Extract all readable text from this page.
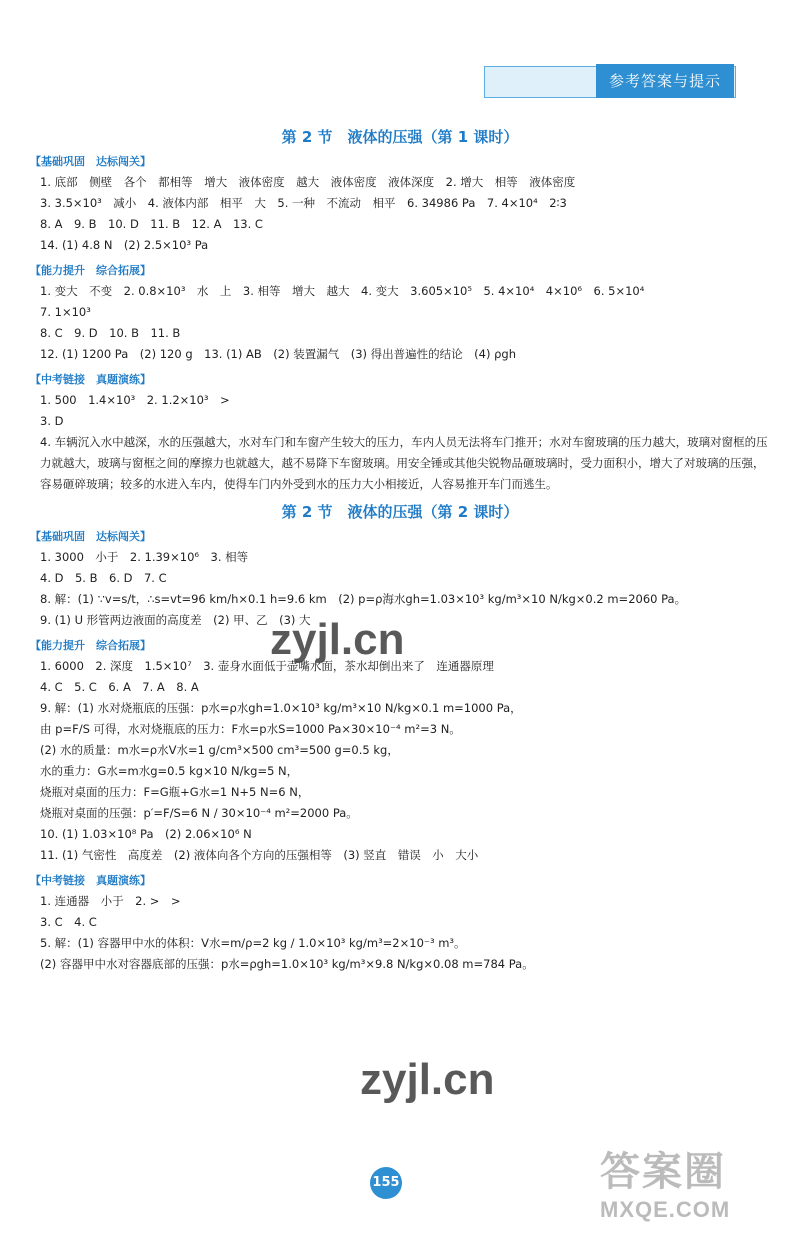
参考答案与提示
第 2 节　液体的压强（第 1 课时）
【基础巩固　达标闯关】
1. 底部　侧壁　各个　都相等　增大　液体密度　越大　液体密度　液体深度　2. 增大　相等　液体密度
3. 3.5×10³　减小　4. 液体内部　相平　大　5. 一种　不流动　相平　6. 34986 Pa　7. 4×10⁴　2∶3
8. A　9. B　10. D　11. B　12. A　13. C
14. (1) 4.8 N　(2) 2.5×10³ Pa
【能力提升　综合拓展】
1. 变大　不变　2. 0.8×10³　水　上　3. 相等　增大　越大　4. 变大　3.605×10⁵　5. 4×10⁴　4×10⁶　6. 5×10⁴
7. 1×10³
8. C　9. D　10. B　11. B
12. (1) 1200 Pa　(2) 120 g　13. (1) AB　(2) 装置漏气　(3) 得出普遍性的结论　(4) ρgh
【中考链接　真题演练】
1. 500　1.4×10³　2. 1.2×10³　>
3. D
4. 车辆沉入水中越深，水的压强越大，水对车门和车窗产生较大的压力，车内人员无法将车门推开；水对车窗玻璃的压力越大，玻璃对窗框的压力就越大，玻璃与窗框之间的摩擦力也就越大，越不易降下车窗玻璃。用安全锤或其他尖锐物品砸玻璃时，受力面积小，增大了对玻璃的压强，容易砸碎玻璃；较多的水进入车内，使得车门内外受到水的压力大小相接近，人容易推开车门而逃生。
第 2 节　液体的压强（第 2 课时）
【基础巩固　达标闯关】
1. 3000　小于　2. 1.39×10⁶　3. 相等
4. D　5. B　6. D　7. C
8. 解：(1) ∵v=s/t，∴s=vt=96 km/h×0.1 h=9.6 km　(2) p=ρ海水gh=1.03×10³ kg/m³×10 N/kg×0.2 m=2060 Pa。
9. (1) U 形管两边液面的高度差　(2) 甲、乙　(3) 大
【能力提升　综合拓展】
1. 6000　2. 深度　1.5×10⁷　3. 壶身水面低于壶嘴水面，茶水却倒出来了　连通器原理
4. C　5. C　6. A　7. A　8. A
9. 解：(1) 水对烧瓶底的压强：p水=ρ水gh=1.0×10³ kg/m³×10 N/kg×0.1 m=1000 Pa，
由 p=F/S 可得，水对烧瓶底的压力：F水=p水S=1000 Pa×30×10⁻⁴ m²=3 N。
(2) 水的质量：m水=ρ水V水=1 g/cm³×500 cm³=500 g=0.5 kg，
水的重力：G水=m水g=0.5 kg×10 N/kg=5 N，
烧瓶对桌面的压力：F=G瓶+G水=1 N+5 N=6 N，
烧瓶对桌面的压强：p′=F/S=6 N / 30×10⁻⁴ m²=2000 Pa。
10. (1) 1.03×10⁸ Pa　(2) 2.06×10⁶ N
11. (1) 气密性　高度差　(2) 液体向各个方向的压强相等　(3) 竖直　错误　小　大小
【中考链接　真题演练】
1. 连通器　小于　2. >　>
3. C　4. C
5. 解：(1) 容器甲中水的体积：V水=m/ρ=2 kg / 1.0×10³ kg/m³=2×10⁻³ m³。
(2) 容器甲中水对容器底部的压强：p水=ρgh=1.0×10³ kg/m³×9.8 N/kg×0.08 m=784 Pa。
zyjl.cn
zyjl.cn
155	答案圈
MXQE.COM
